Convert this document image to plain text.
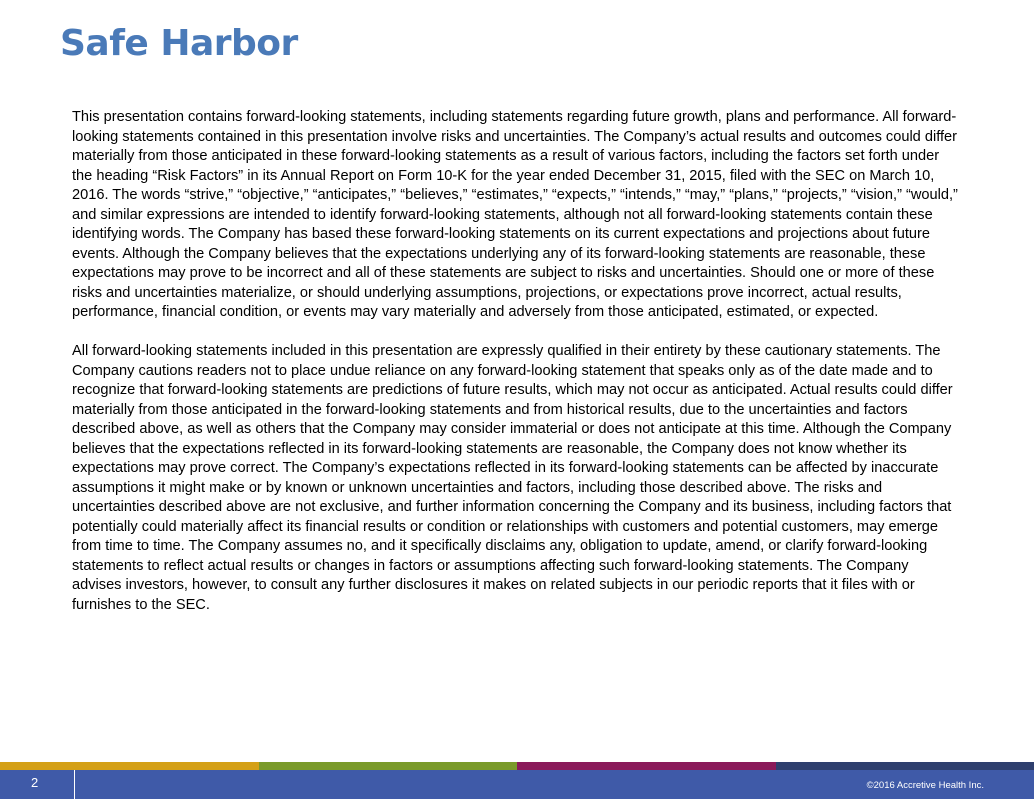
Safe Harbor

This presentation contains forward-looking statements, including statements regarding future growth, plans and performance. All forward-looking statements contained in this presentation involve risks and uncertainties. The Company’s actual results and outcomes could differ materially from those anticipated in these forward-looking statements as a result of various factors, including the factors set forth under the heading “Risk Factors” in its Annual Report on Form 10-K for the year ended December 31, 2015, filed with the SEC on March 10, 2016. The words “strive,” “objective,” “anticipates,” “believes,” “estimates,” “expects,” “intends,” “may,” “plans,” “projects,” “vision,” “would,” and similar expressions are intended to identify forward-looking statements, although not all forward-looking statements contain these identifying words. The Company has based these forward-looking statements on its current expectations and projections about future events. Although the Company believes that the expectations underlying any of its forward-looking statements are reasonable, these expectations may prove to be incorrect and all of these statements are subject to risks and uncertainties. Should one or more of these risks and uncertainties materialize, or should underlying assumptions, projections, or expectations prove incorrect, actual results, performance, financial condition, or events may vary materially and adversely from those anticipated, estimated, or expected.

All forward-looking statements included in this presentation are expressly qualified in their entirety by these cautionary statements. The Company cautions readers not to place undue reliance on any forward-looking statement that speaks only as of the date made and to recognize that forward-looking statements are predictions of future results, which may not occur as anticipated. Actual results could differ materially from those anticipated in the forward-looking statements and from historical results, due to the uncertainties and factors described above, as well as others that the Company may consider immaterial or does not anticipate at this time. Although the Company believes that the expectations reflected in its forward-looking statements are reasonable, the Company does not know whether its expectations may prove correct. The Company’s expectations reflected in its forward-looking statements can be affected by inaccurate assumptions it might make or by known or unknown uncertainties and factors, including those described above. The risks and uncertainties described above are not exclusive, and further information concerning the Company and its business, including factors that potentially could materially affect its financial results or condition or relationships with customers and potential customers, may emerge from time to time. The Company assumes no, and it specifically disclaims any, obligation to update, amend, or clarify forward-looking statements to reflect actual results or changes in factors or assumptions affecting such forward-looking statements. The Company advises investors, however, to consult any further disclosures it makes on related subjects in our periodic reports that it files with or furnishes to the SEC.

2	©2016 Accretive Health Inc.
